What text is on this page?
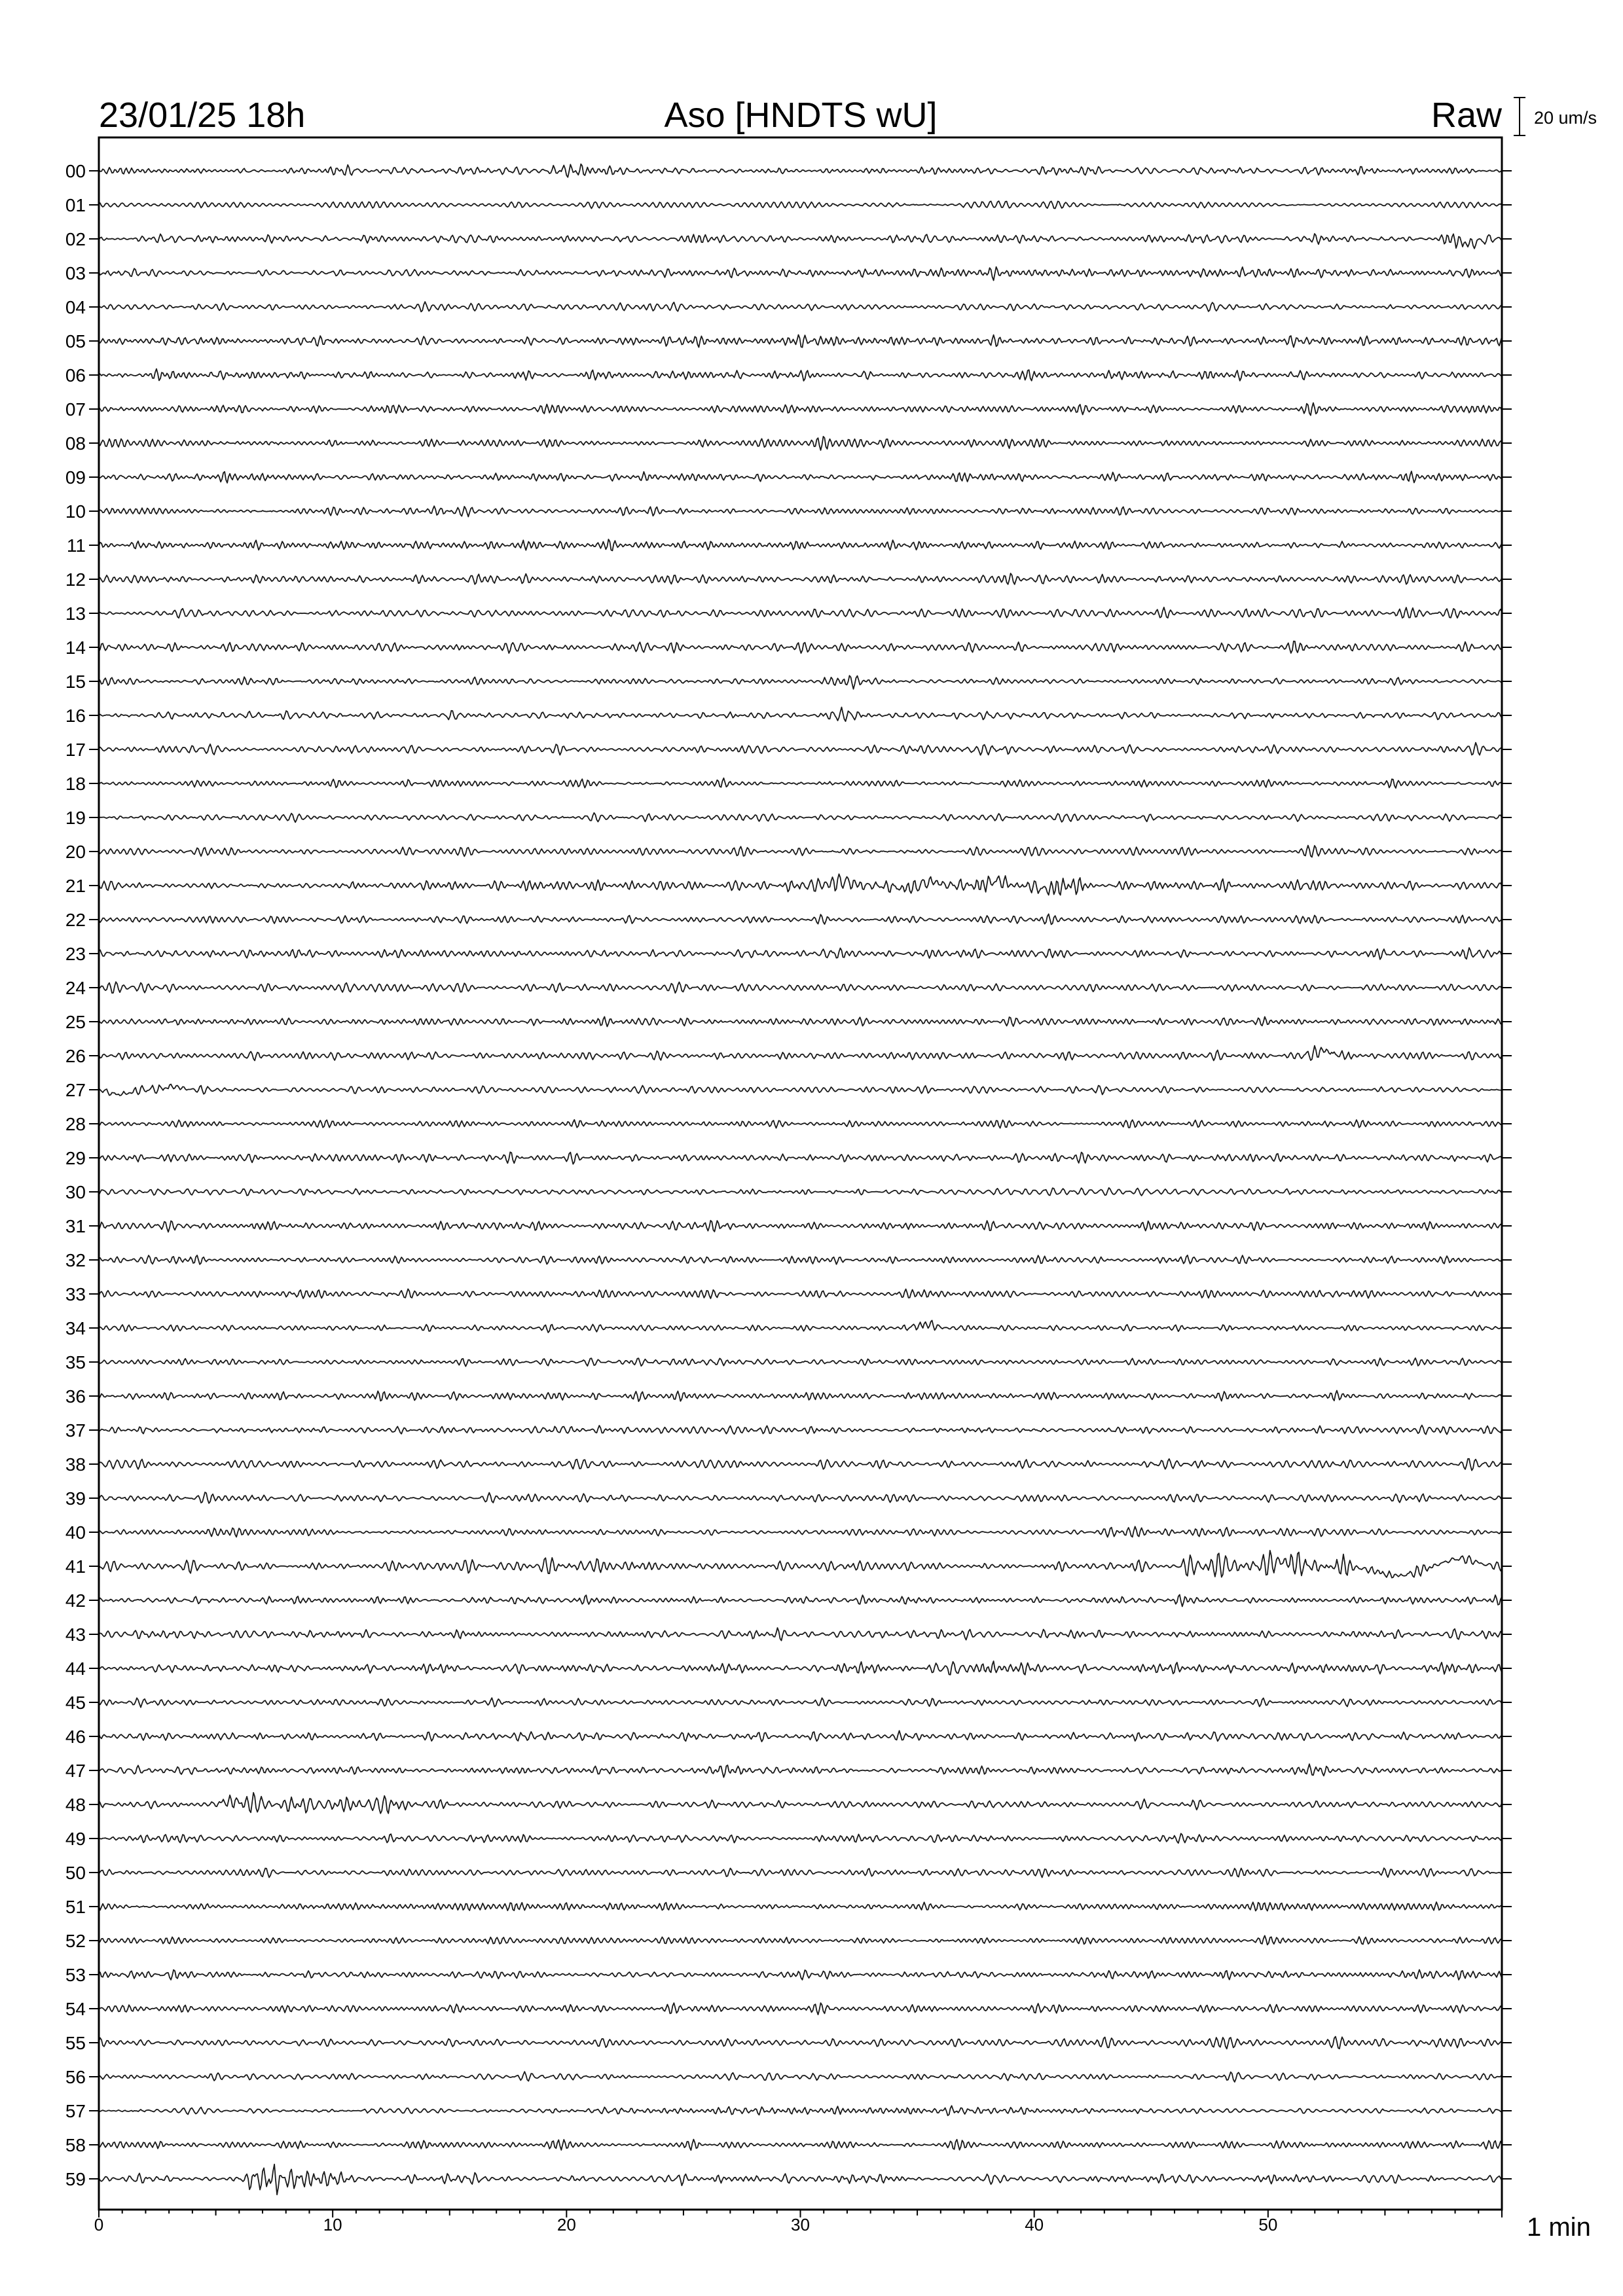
23/01/25 18h	Aso [HNDTS wU]	Raw 20 um/s
00
01
02
03
04
05
06
07
08
09
10
11
12
13
14
15
16
17
18
19
20
21
22
23
24
25
26
27
28
29
30
31
32
33
34
35
36
37
38
39
40
41
42
43
44
45
46
47
48
49
50
51
52
53
54
55
56
57
58
59
0	10	20	30	40	50	1 min
